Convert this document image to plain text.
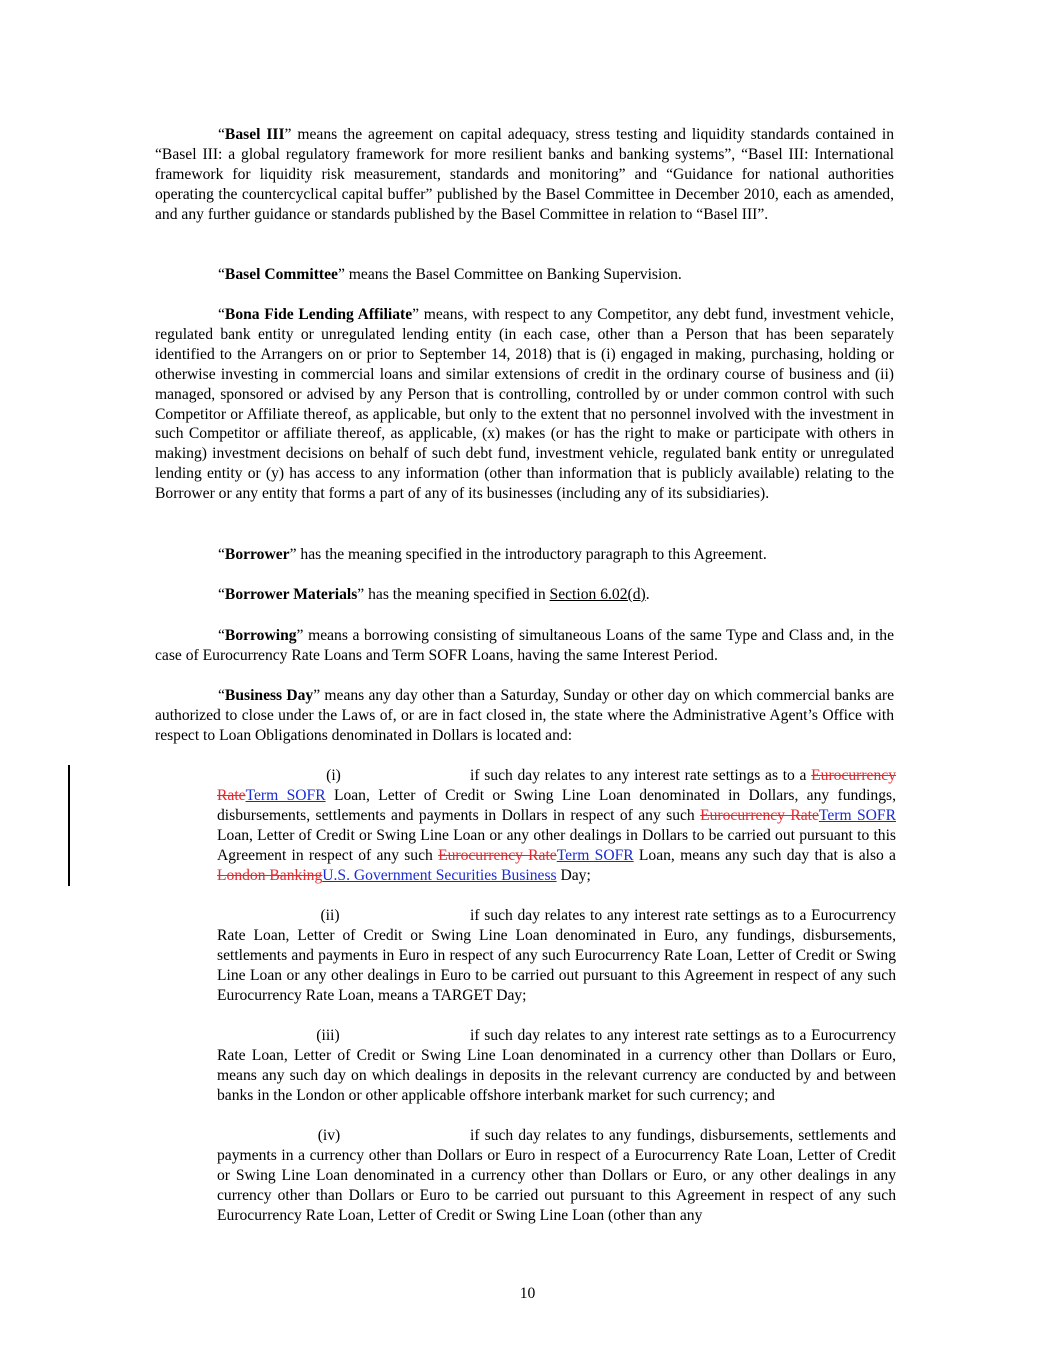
“Basel III” means the agreement on capital adequacy, stress testing and liquidity standards contained in “Basel III: a global regulatory framework for more resilient banks and banking systems”, “Basel III: International framework for liquidity risk measurement, standards and monitoring” and “Guidance for national authorities operating the countercyclical capital buffer” published by the Basel Committee in December 2010, each as amended, and any further guidance or standards published by the Basel Committee in relation to “Basel III”.

“Basel Committee” means the Basel Committee on Banking Supervision.

“Bona Fide Lending Affiliate” means, with respect to any Competitor, any debt fund, investment vehicle, regulated bank entity or unregulated lending entity (in each case, other than a Person that has been separately identified to the Arrangers on or prior to September 14, 2018) that is (i) engaged in making, purchasing, holding or otherwise investing in commercial loans and similar extensions of credit in the ordinary course of business and (ii) managed, sponsored or advised by any Person that is controlling, controlled by or under common control with such Competitor or Affiliate thereof, as applicable, but only to the extent that no personnel involved with the investment in such Competitor or affiliate thereof, as applicable, (x) makes (or has the right to make or participate with others in making) investment decisions on behalf of such debt fund, investment vehicle, regulated bank entity or unregulated lending entity or (y) has access to any information (other than information that is publicly available) relating to the Borrower or any entity that forms a part of any of its businesses (including any of its subsidiaries).

“Borrower” has the meaning specified in the introductory paragraph to this Agreement.

“Borrower Materials” has the meaning specified in Section 6.02(d).

“Borrowing” means a borrowing consisting of simultaneous Loans of the same Type and Class and, in the case of Eurocurrency Rate Loans and Term SOFR Loans, having the same Interest Period.

“Business Day” means any day other than a Saturday, Sunday or other day on which commercial banks are authorized to close under the Laws of, or are in fact closed in, the state where the Administrative Agent’s Office with respect to Loan Obligations denominated in Dollars is located and:

(i)	if such day relates to any interest rate settings as to a Eurocurrency RateTerm SOFR Loan, Letter of Credit or Swing Line Loan denominated in Dollars, any fundings, disbursements, settlements and payments in Dollars in respect of any such Eurocurrency RateTerm SOFR Loan, Letter of Credit or Swing Line Loan or any other dealings in Dollars to be carried out pursuant to this Agreement in respect of any such Eurocurrency RateTerm SOFR Loan, means any such day that is also a London BankingU.S. Government Securities Business Day;

(ii)	if such day relates to any interest rate settings as to a Eurocurrency Rate Loan, Letter of Credit or Swing Line Loan denominated in Euro, any fundings, disbursements, settlements and payments in Euro in respect of any such Eurocurrency Rate Loan, Letter of Credit or Swing Line Loan or any other dealings in Euro to be carried out pursuant to this Agreement in respect of any such Eurocurrency Rate Loan, means a TARGET Day;

(iii)	if such day relates to any interest rate settings as to a Eurocurrency Rate Loan, Letter of Credit or Swing Line Loan denominated in a currency other than Dollars or Euro, means any such day on which dealings in deposits in the relevant currency are conducted by and between banks in the London or other applicable offshore interbank market for such currency; and

(iv)	if such day relates to any fundings, disbursements, settlements and payments in a currency other than Dollars or Euro in respect of a Eurocurrency Rate Loan, Letter of Credit or Swing Line Loan denominated in a currency other than Dollars or Euro, or any other dealings in any currency other than Dollars or Euro to be carried out pursuant to this Agreement in respect of any such Eurocurrency Rate Loan, Letter of Credit or Swing Line Loan (other than any

10
